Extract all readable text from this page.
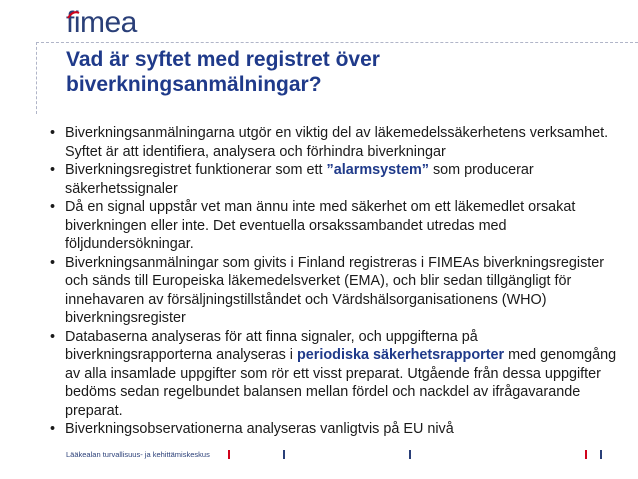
fimea
Vad är syftet med registret över biverkningsanmälningar?
• Biverkningsanmälningarna utgör en viktig del av läkemedelssäkerhetens verksamhet. Syftet är att identifiera, analysera och förhindra biverkningar
• Biverkningsregistret funktionerar som ett ”alarmsystem” som producerar säkerhetssignaler
• Då en signal uppstår vet man ännu inte med säkerhet om ett läkemedlet orsakat biverkningen eller inte. Det eventuella orsakssambandet utredas med följdundersökningar.
• Biverkningsanmälningar som givits i Finland registreras i FIMEAs biverkningsregister och sänds till Europeiska läkemedelsverket (EMA), och blir sedan tillgängligt för innehavaren av försäljningstillståndet och Värdshälsorganisationens (WHO) biverkningsregister
• Databaserna analyseras för att finna signaler, och uppgifterna på biverkningsrapporterna analyseras i periodiska säkerhetsrapporter med genomgång av alla insamlade uppgifter som rör ett visst preparat. Utgående från dessa uppgifter bedöms sedan regelbundet balansen mellan fördel och nackdel av ifrågavarande preparat.
• Biverkningsobservationerna analyseras vanligtvis på EU nivå
Lääkealan turvallisuus- ja kehittämiskeskus
